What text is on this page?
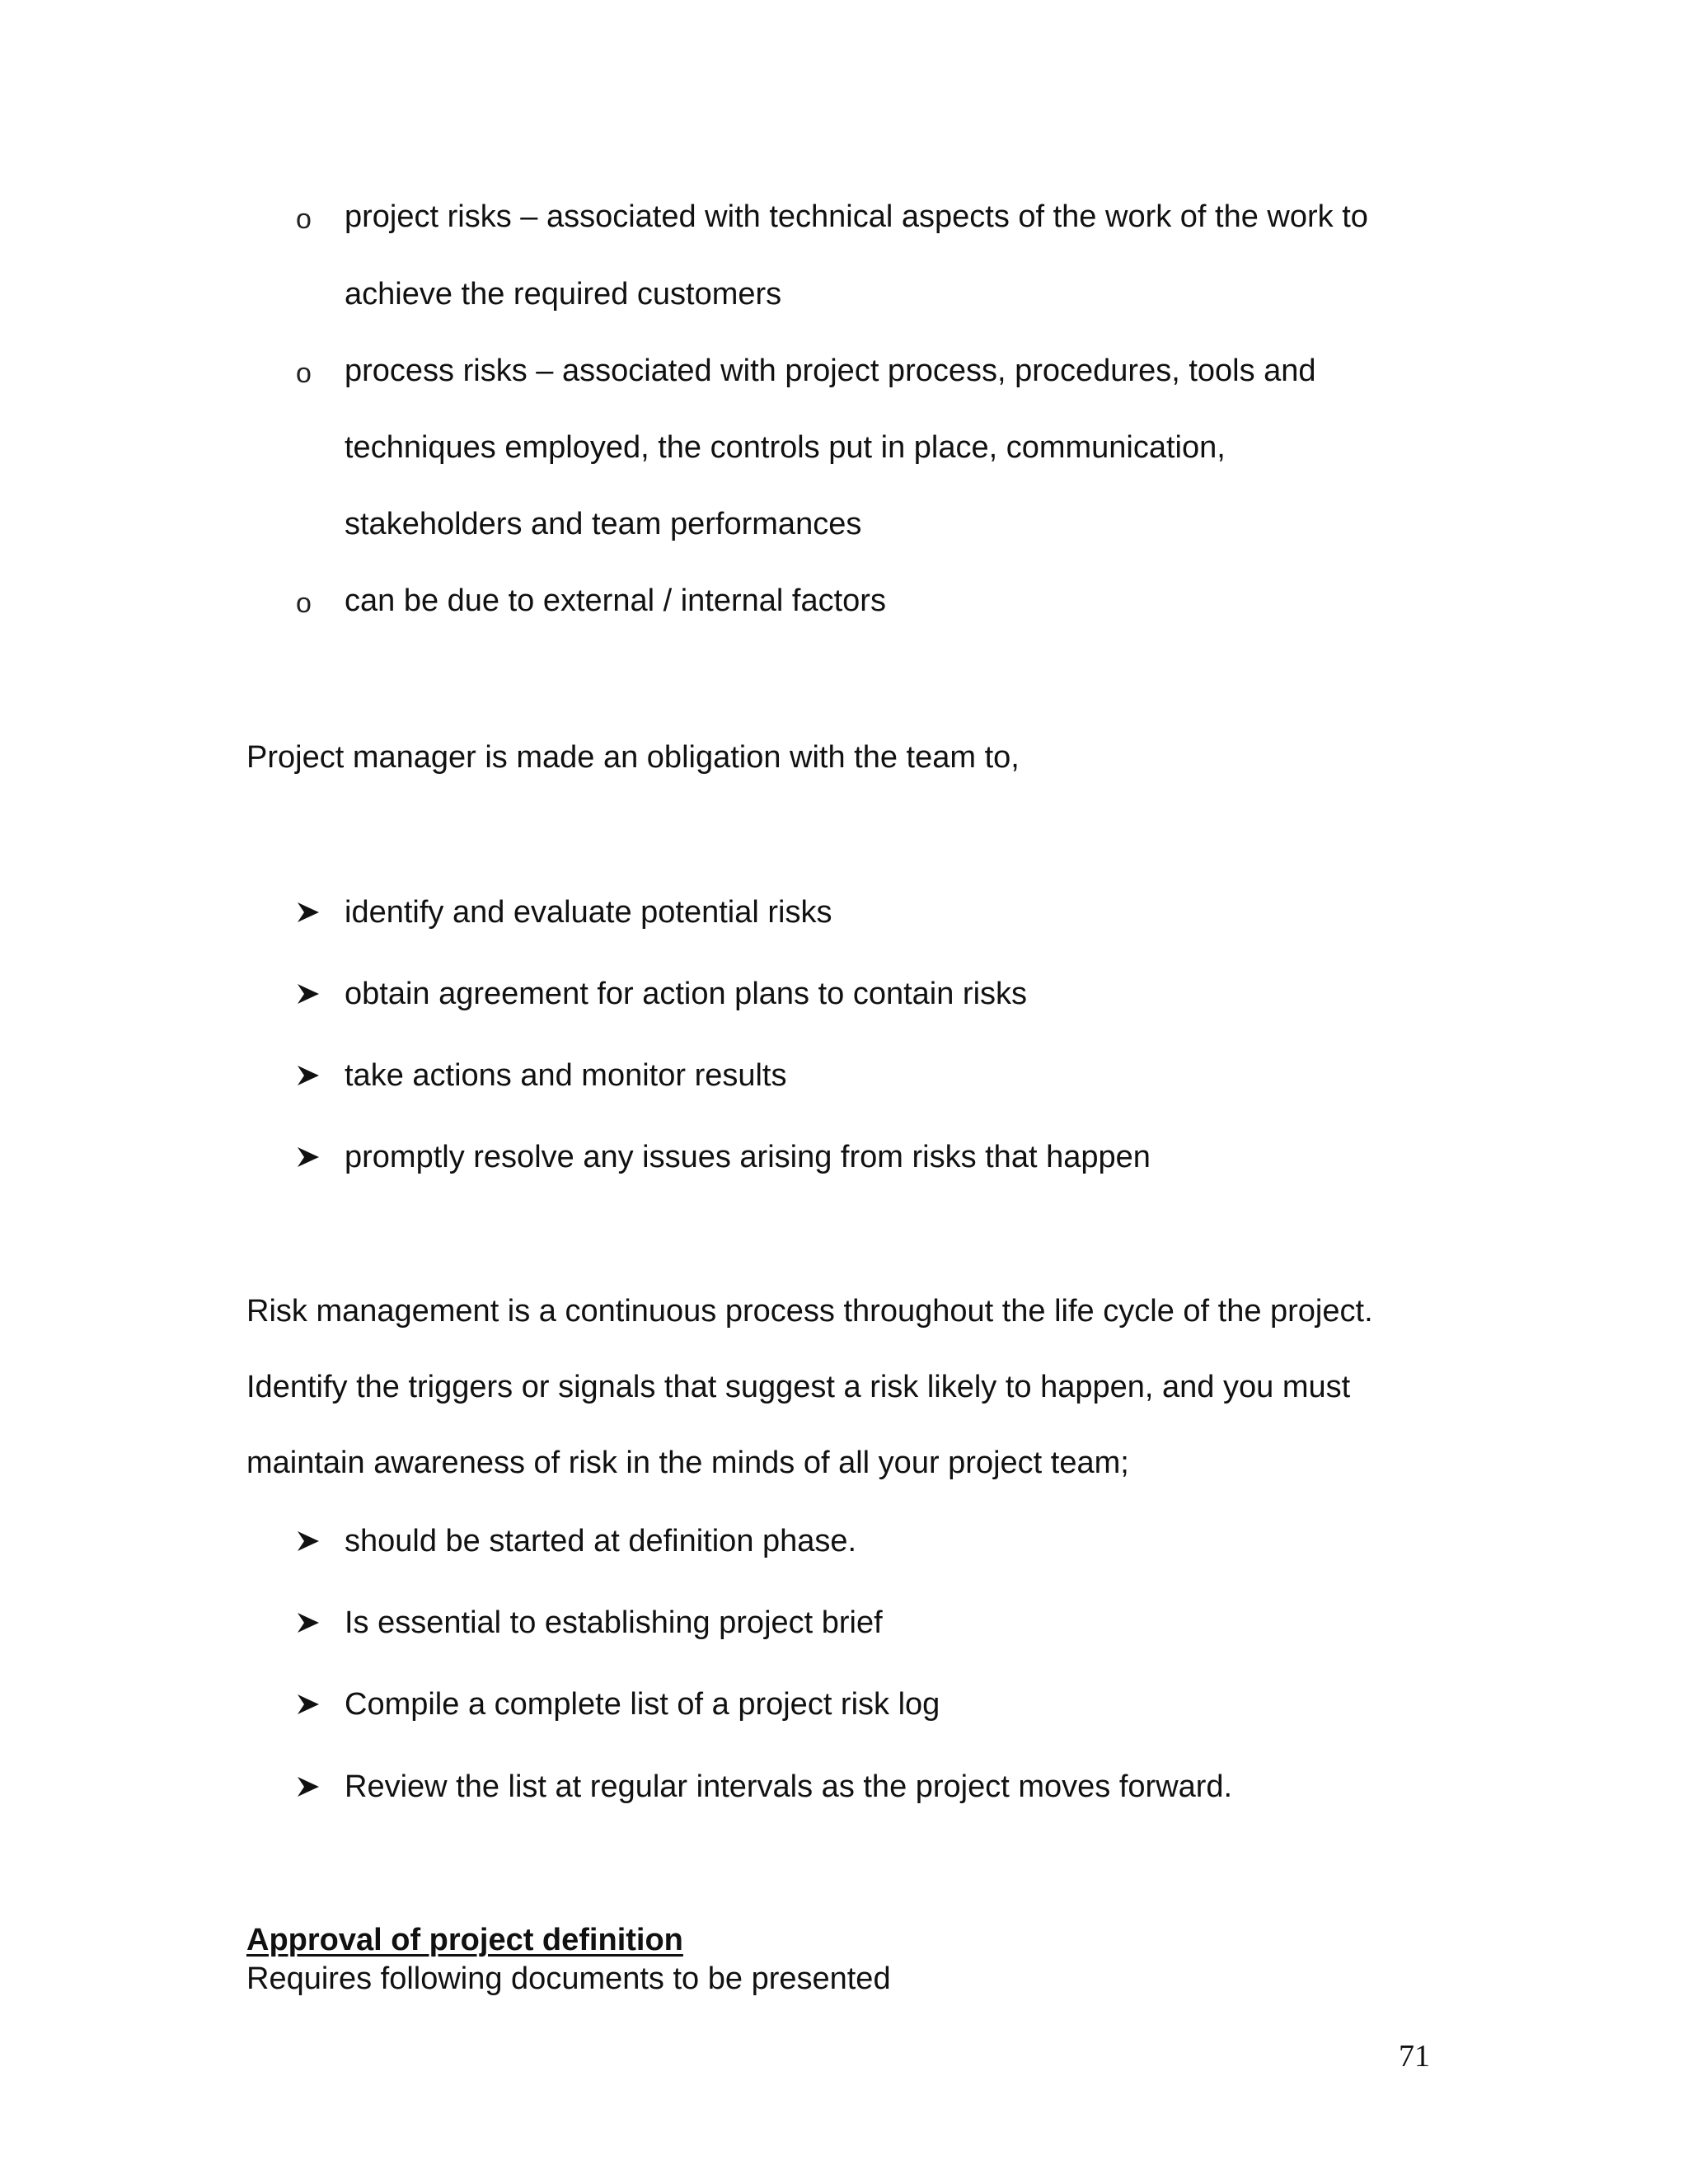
o project risks – associated with technical aspects of the work of the work to
achieve the required customers
o process risks – associated with project process, procedures, tools and
techniques employed, the controls put in place, communication,
stakeholders and team performances
o can be due to external / internal factors
Project manager is made an obligation with the team to,
identify and evaluate potential risks
obtain agreement for action plans to contain risks
take actions and monitor results
promptly resolve any issues arising from risks that happen
Risk management is a continuous process throughout the life cycle of the project.
Identify the triggers or signals that suggest a risk likely to happen, and you must
maintain awareness of risk in the minds of all your project team;
should be started at definition phase.
Is essential to establishing project brief
Compile a complete list of a project risk log
Review the list at regular intervals as the project moves forward.
Approval of project definition
Requires following documents to be presented
71
